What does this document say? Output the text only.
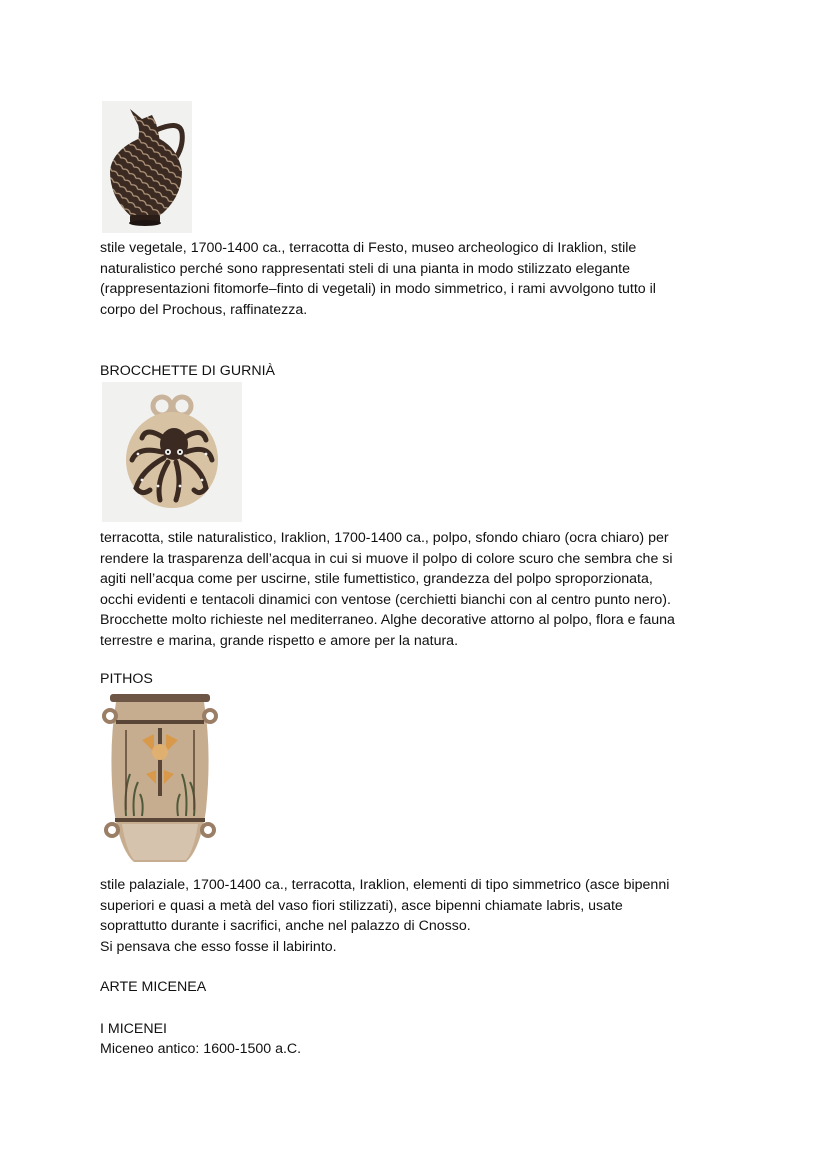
stile vegetale, 1700-1400 ca., terracotta di Festo, museo archeologico di Iraklion, stile
naturalistico perché sono rappresentati steli di una pianta in modo stilizzato elegante
(rappresentazioni fitomorfe–finto di vegetali) in modo simmetrico, i rami avvolgono tutto il
corpo del Prochous, raffinatezza.
BROCCHETTE DI GURNIÀ
terracotta, stile naturalistico, Iraklion, 1700-1400 ca., polpo, sfondo chiaro (ocra chiaro) per
rendere la trasparenza dell’acqua in cui si muove il polpo di colore scuro che sembra che si
agiti nell’acqua come per uscirne, stile fumettistico, grandezza del polpo sproporzionata,
occhi evidenti e tentacoli dinamici con ventose (cerchietti bianchi con al centro punto nero).
Brocchette molto richieste nel mediterraneo. Alghe decorative attorno al polpo, flora e fauna
terrestre e marina, grande rispetto e amore per la natura.
PITHOS
stile palaziale, 1700-1400 ca., terracotta, Iraklion, elementi di tipo simmetrico (asce bipenni
superiori e quasi a metà del vaso fiori stilizzati), asce bipenni chiamate labris, usate
soprattutto durante i sacrifici, anche nel palazzo di Cnosso.
Si pensava che esso fosse il labirinto.
ARTE MICENEA
I MICENEI
Miceneo antico: 1600-1500 a.C.
